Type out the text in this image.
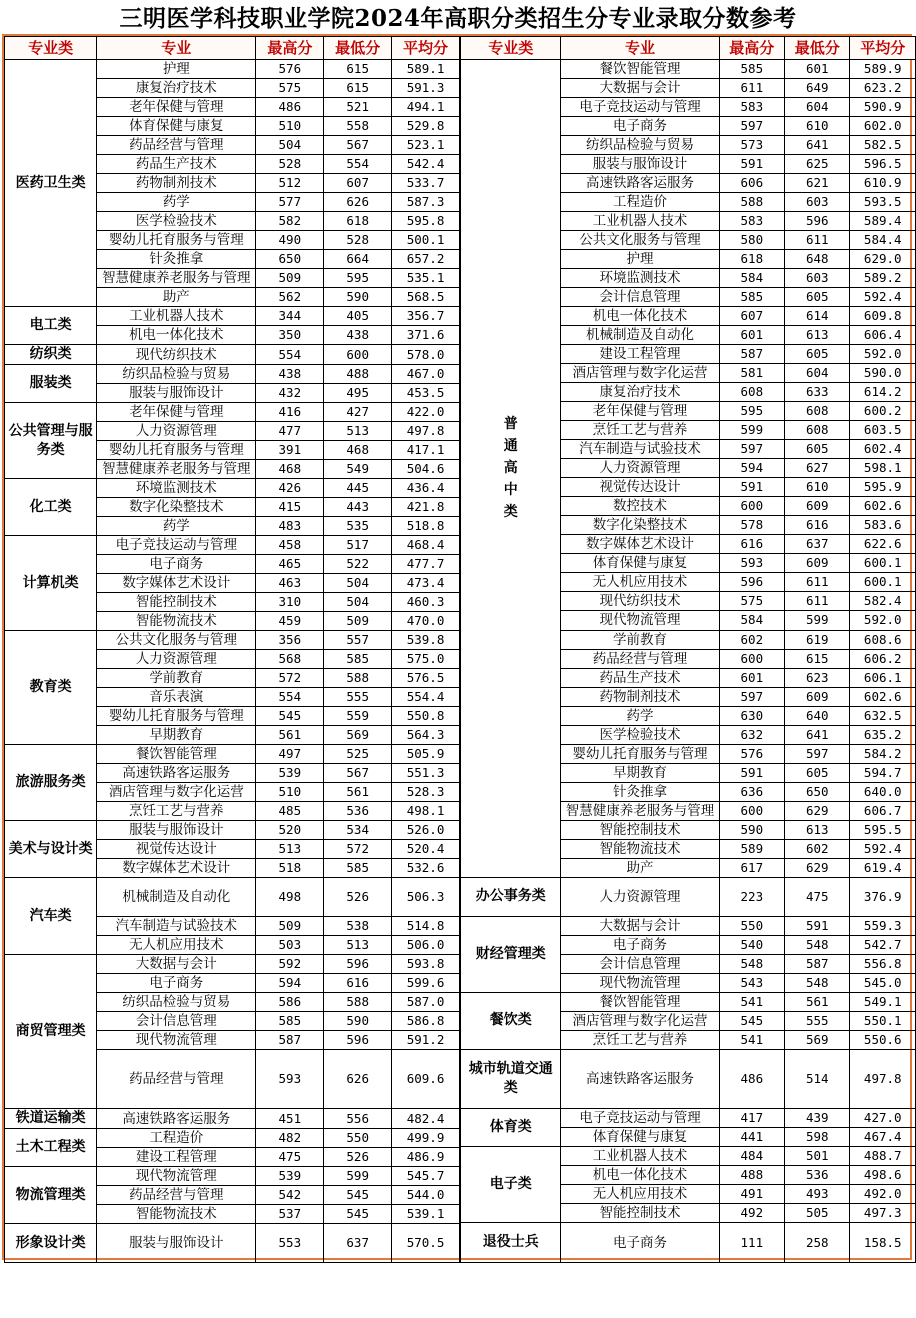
三明医学科技职业学院2024年高职分类招生分专业录取分数参考
专业类	专业	最高分	最低分	平均分
医药卫生类	护理	576	615	589.1
	康复治疗技术	575	615	591.3
	老年保健与管理	486	521	494.1
	体育保健与康复	510	558	529.8
	药品经营与管理	504	567	523.1
	药品生产技术	528	554	542.4
	药物制剂技术	512	607	533.7
	药学	577	626	587.3
	医学检验技术	582	618	595.8
	婴幼儿托育服务与管理	490	528	500.1
	针灸推拿	650	664	657.2
	智慧健康养老服务与管理	509	595	535.1
	助产	562	590	568.5
电工类	工业机器人技术	344	405	356.7
	机电一体化技术	350	438	371.6
纺织类	现代纺织技术	554	600	578.0
服装类	纺织品检验与贸易	438	488	467.0
	服装与服饰设计	432	495	453.5
公共管理与服务类	老年保健与管理	416	427	422.0
	人力资源管理	477	513	497.8
	婴幼儿托育服务与管理	391	468	417.1
	智慧健康养老服务与管理	468	549	504.6
化工类	环境监测技术	426	445	436.4
	数字化染整技术	415	443	421.8
	药学	483	535	518.8
计算机类	电子竞技运动与管理	458	517	468.4
	电子商务	465	522	477.7
	数字媒体艺术设计	463	504	473.4
	智能控制技术	310	504	460.3
	智能物流技术	459	509	470.0
教育类	公共文化服务与管理	356	557	539.8
	人力资源管理	568	585	575.0
	学前教育	572	588	576.5
	音乐表演	554	555	554.4
	婴幼儿托育服务与管理	545	559	550.8
	早期教育	561	569	564.3
旅游服务类	餐饮智能管理	497	525	505.9
	高速铁路客运服务	539	567	551.3
	酒店管理与数字化运营	510	561	528.3
	烹饪工艺与营养	485	536	498.1
美术与设计类	服装与服饰设计	520	534	526.0
	视觉传达设计	513	572	520.4
	数字媒体艺术设计	518	585	532.6
汽车类	机械制造及自动化	498	526	506.3
	汽车制造与试验技术	509	538	514.8
	无人机应用技术	503	513	506.0
商贸管理类	大数据与会计	592	596	593.8
	电子商务	594	616	599.6
	纺织品检验与贸易	586	588	587.0
	会计信息管理	585	590	586.8
	现代物流管理	587	596	591.2
	药品经营与管理	593	626	609.6
铁道运输类	高速铁路客运服务	451	556	482.4
土木工程类	工程造价	482	550	499.9
	建设工程管理	475	526	486.9
物流管理类	现代物流管理	539	599	545.7
	药品经营与管理	542	545	544.0
	智能物流技术	537	545	539.1
形象设计类	服装与服饰设计	553	637	570.5
专业类	专业	最高分	最低分	平均分
普通高中类	餐饮智能管理	585	601	589.9
	大数据与会计	611	649	623.2
	电子竞技运动与管理	583	604	590.9
	电子商务	597	610	602.0
	纺织品检验与贸易	573	641	582.5
	服装与服饰设计	591	625	596.5
	高速铁路客运服务	606	621	610.9
	工程造价	588	603	593.5
	工业机器人技术	583	596	589.4
	公共文化服务与管理	580	611	584.4
	护理	618	648	629.0
	环境监测技术	584	603	589.2
	会计信息管理	585	605	592.4
	机电一体化技术	607	614	609.8
	机械制造及自动化	601	613	606.4
	建设工程管理	587	605	592.0
	酒店管理与数字化运营	581	604	590.0
	康复治疗技术	608	633	614.2
	老年保健与管理	595	608	600.2
	烹饪工艺与营养	599	608	603.5
	汽车制造与试验技术	597	605	602.4
	人力资源管理	594	627	598.1
	视觉传达设计	591	610	595.9
	数控技术	600	609	602.6
	数字化染整技术	578	616	583.6
	数字媒体艺术设计	616	637	622.6
	体育保健与康复	593	609	600.1
	无人机应用技术	596	611	600.1
	现代纺织技术	575	611	582.4
	现代物流管理	584	599	592.0
	学前教育	602	619	608.6
	药品经营与管理	600	615	606.2
	药品生产技术	601	623	606.1
	药物制剂技术	597	609	602.6
	药学	630	640	632.5
	医学检验技术	632	641	635.2
	婴幼儿托育服务与管理	576	597	584.2
	早期教育	591	605	594.7
	针灸推拿	636	650	640.0
	智慧健康养老服务与管理	600	629	606.7
	智能控制技术	590	613	595.5
	智能物流技术	589	602	592.4
	助产	617	629	619.4
办公事务类	人力资源管理	223	475	376.9
财经管理类	大数据与会计	550	591	559.3
	电子商务	540	548	542.7
	会计信息管理	548	587	556.8
	现代物流管理	543	548	545.0
餐饮类	餐饮智能管理	541	561	549.1
	酒店管理与数字化运营	545	555	550.1
	烹饪工艺与营养	541	569	550.6
城市轨道交通类	高速铁路客运服务	486	514	497.8
体育类	电子竞技运动与管理	417	439	427.0
	体育保健与康复	441	598	467.4
电子类	工业机器人技术	484	501	488.7
	机电一体化技术	488	536	498.6
	无人机应用技术	491	493	492.0
	智能控制技术	492	505	497.3
退役士兵	电子商务	111	258	158.5
